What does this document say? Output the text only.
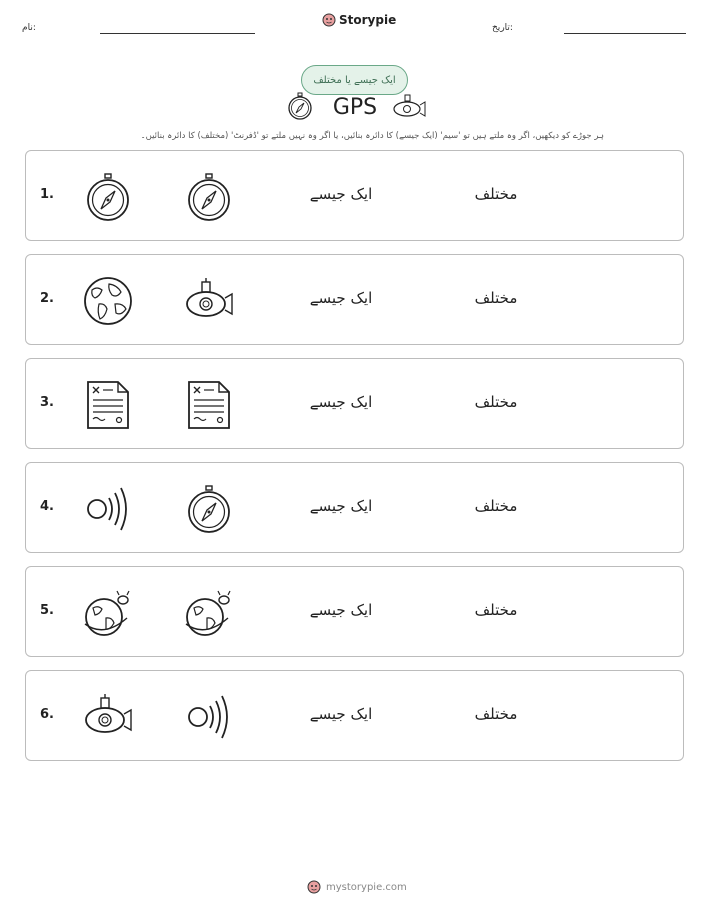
نام:
Storypie
تاریخ:
ایک جیسے یا مختلف
GPS
ہر جوڑے کو دیکھیں، اگر وہ ملتے ہیں تو 'سیم' (ایک جیسے) کا دائرہ بنائیں، یا اگر وہ نہیں ملتے تو 'ڈفرنٹ' (مختلف) کا دائرہ بنائیں۔
1.	ایک جیسے	مختلف
2.	ایک جیسے	مختلف
3.	ایک جیسے	مختلف
4.	ایک جیسے	مختلف
5.	ایک جیسے	مختلف
6.	ایک جیسے	مختلف
mystorypie.com
